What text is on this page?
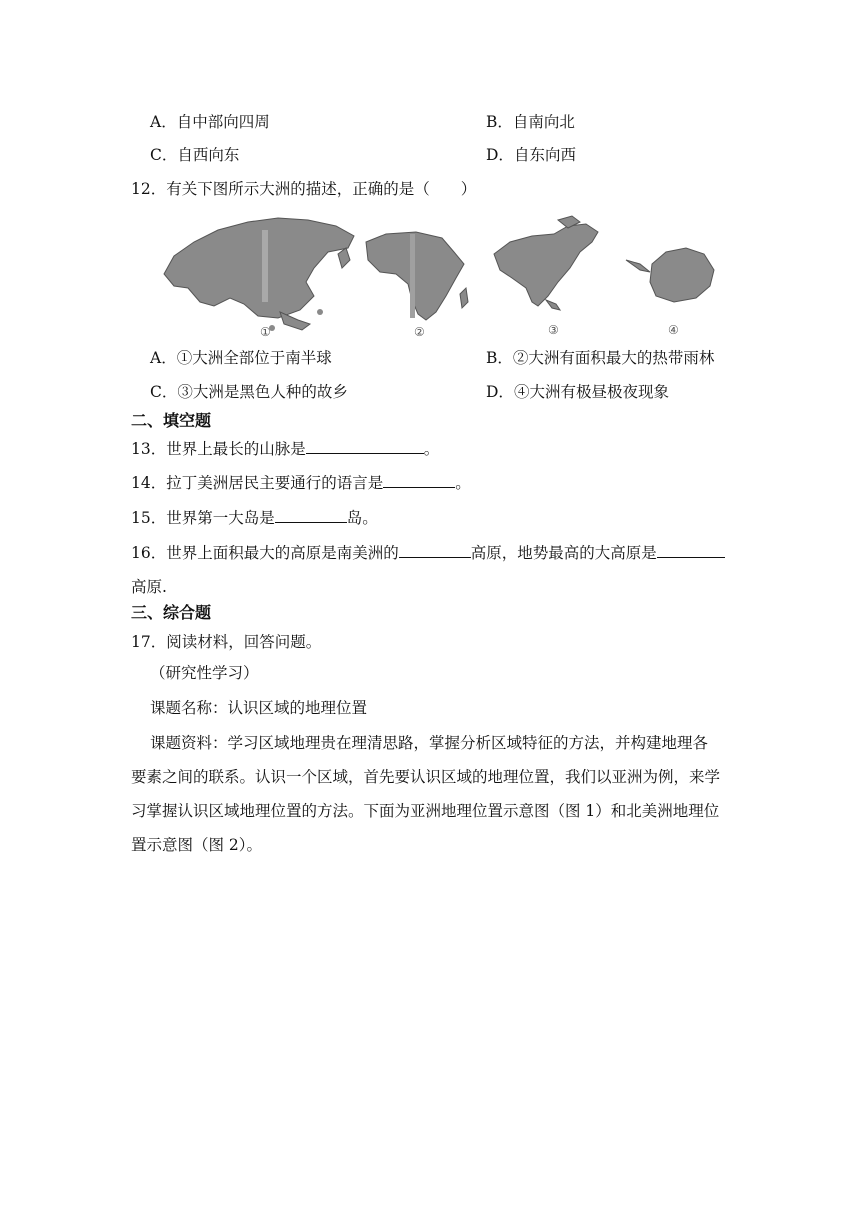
A．自中部向四周	B．自南向北
C．自西向东	D．自东向西
12．有关下图所示大洲的描述，正确的是（　　）
①	②	③	④
A．①大洲全部位于南半球	B．②大洲有面积最大的热带雨林
C．③大洲是黑色人种的故乡	D．④大洲有极昼极夜现象
二、填空题
13．世界上最长的山脉是	。
14．拉丁美洲居民主要通行的语言是	。
15．世界第一大岛是	岛。
16．世界上面积最大的高原是南美洲的	高原，地势最高的大高原是
高原.
三、综合题
17．阅读材料，回答问题。
（研究性学习）
课题名称：认识区域的地理位置
课题资料：学习区域地理贵在理清思路，掌握分析区域特征的方法，并构建地理各
要素之间的联系。认识一个区域，首先要认识区域的地理位置，我们以亚洲为例，来学
习掌握认识区域地理位置的方法。下面为亚洲地理位置示意图（图 1）和北美洲地理位
置示意图（图 2）。
